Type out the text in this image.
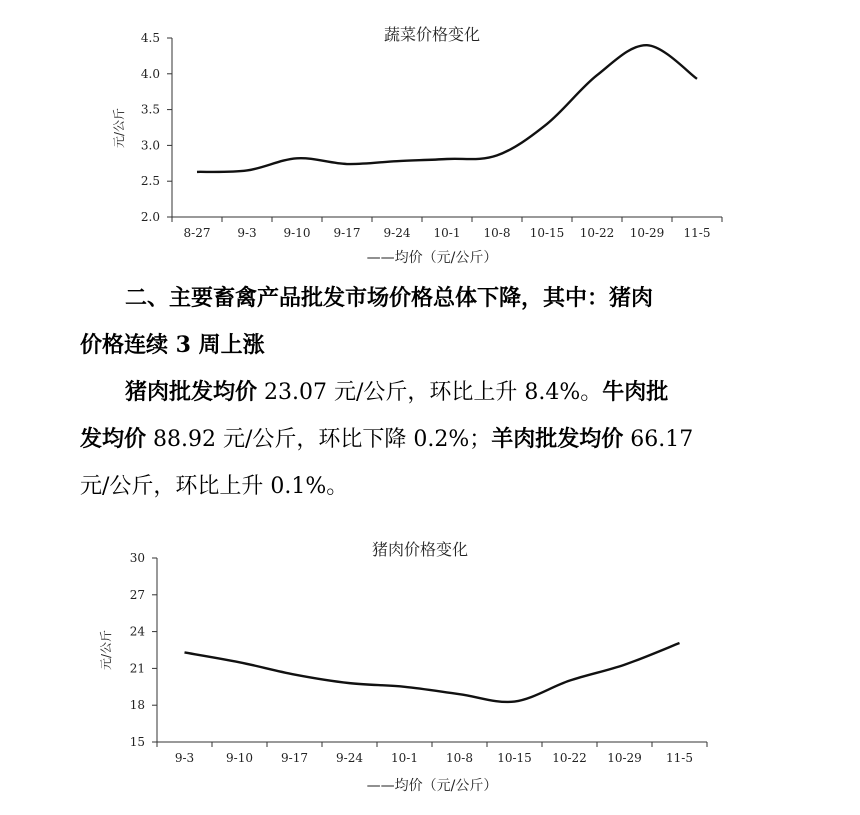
蔬菜价格变化
元/公斤
——均价（元/公斤）
2.0
2.5
3.0
3.5
4.0
4.5
8-27 9-3 9-10 9-17 9-24 10-1 10-8 10-15 10-22 10-29 11-5
二、主要畜禽产品批发市场价格总体下降，其中：猪肉
价格连续 3 周上涨
猪肉批发均价 23.07 元/公斤，环比上升 8.4%。牛肉批
发均价 88.92 元/公斤，环比下降 0.2%；羊肉批发均价 66.17
元/公斤，环比上升 0.1%。
猪肉价格变化
元/公斤
——均价（元/公斤）
15
18
21
24
27
30
9-3	9-10 9-17 9-24 10-1 10-8 10-15 10-22 10-29 11-5
